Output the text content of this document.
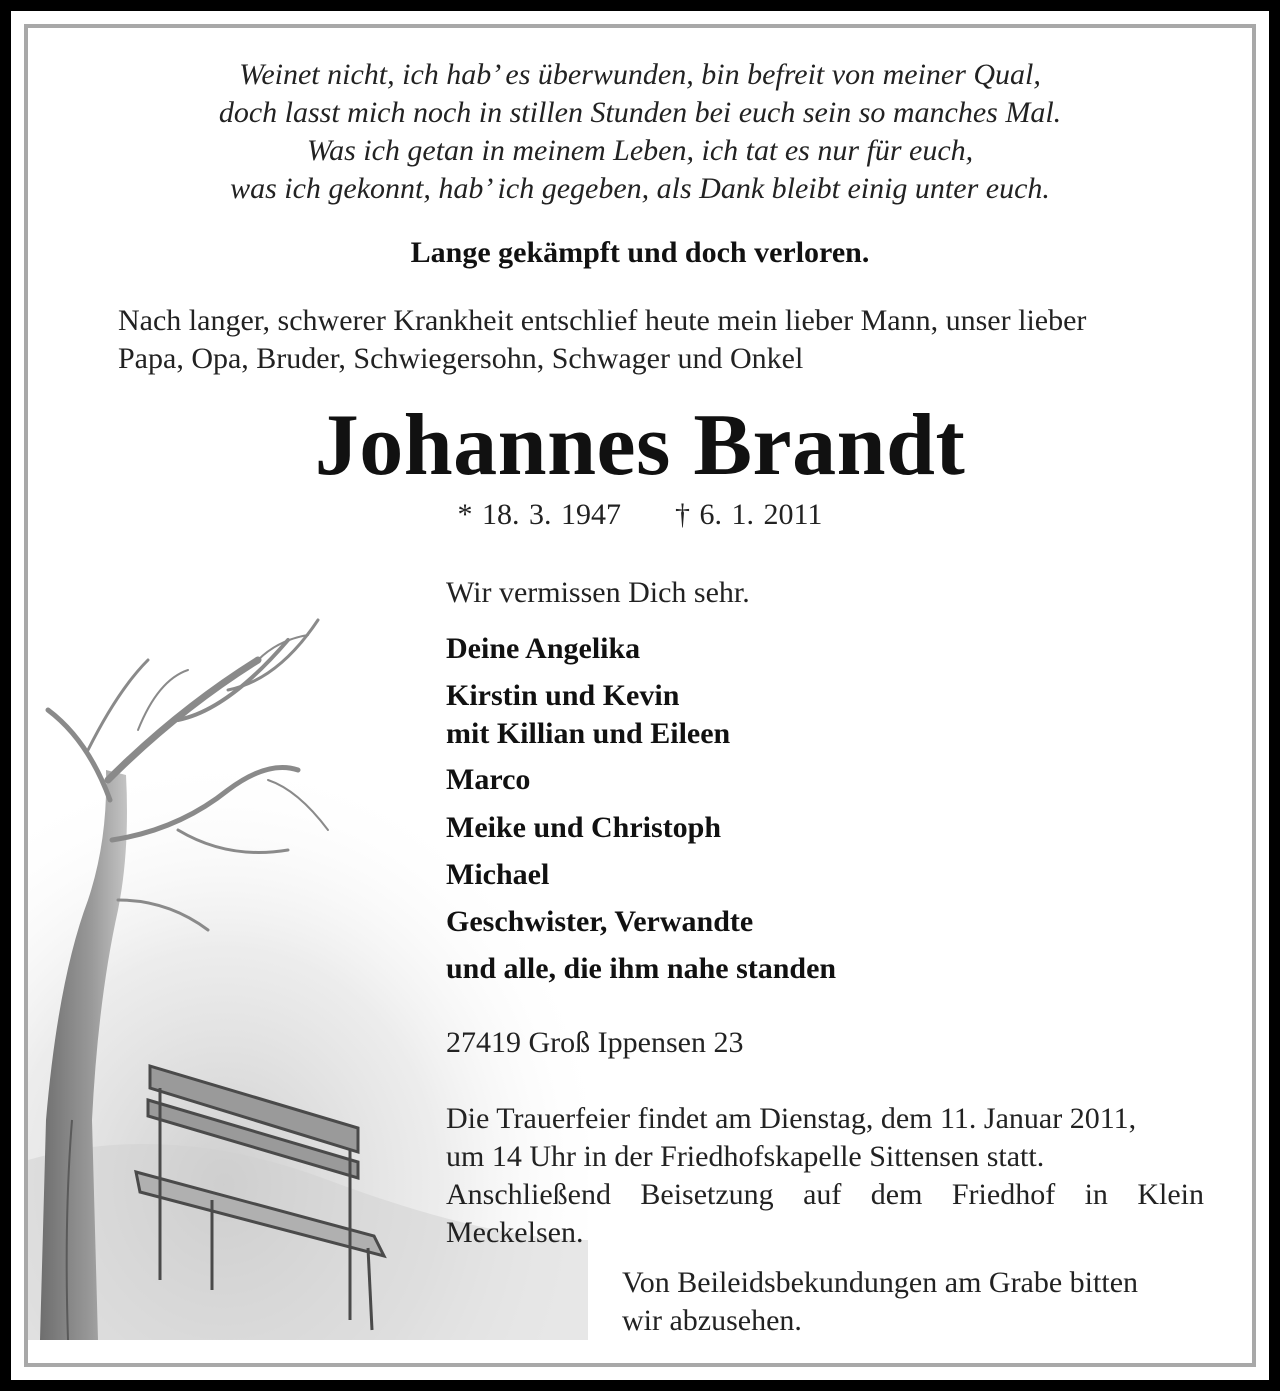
Weinet nicht, ich hab’ es überwunden, bin befreit von meiner Qual,
doch lasst mich noch in stillen Stunden bei euch sein so manches Mal.
Was ich getan in meinem Leben, ich tat es nur für euch,
was ich gekonnt, hab’ ich gegeben, als Dank bleibt einig unter euch.

Lange gekämpft und doch verloren.

Nach langer, schwerer Krankheit entschlief heute mein lieber Mann, unser lieber
Papa, Opa, Bruder, Schwiegersohn, Schwager und Onkel

Johannes Brandt

* 18. 3. 1947 † 6. 1. 2011

Wir vermissen Dich sehr.

Deine Angelika

Kirstin und Kevin

mit Killian und Eileen

Marco

Meike und Christoph

Michael

Geschwister, Verwandte

und alle, die ihm nahe standen

27419 Groß Ippensen 23

Die Trauerfeier findet am Dienstag, dem 11. Januar 2011,
um 14 Uhr in der Friedhofskapelle Sittensen statt.
Anschließend Beisetzung auf dem Friedhof in Klein
Meckelsen.
Von Beileidsbekundungen am Grabe bitten
wir abzusehen.
